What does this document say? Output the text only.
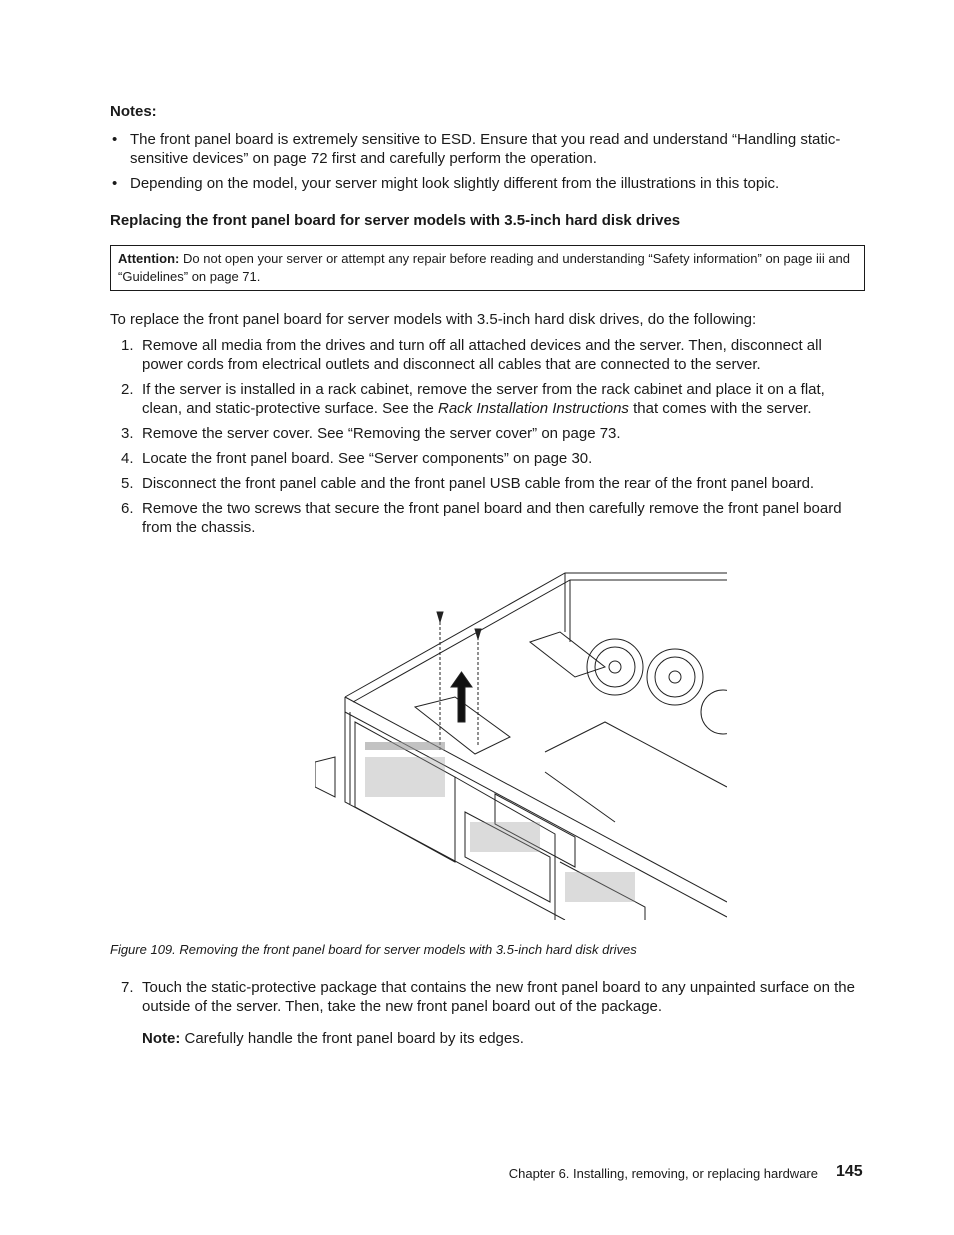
Notes:
• The front panel board is extremely sensitive to ESD. Ensure that you read and understand “Handling static-sensitive devices” on page 72 first and carefully perform the operation.
• Depending on the model, your server might look slightly different from the illustrations in this topic.
Replacing the front panel board for server models with 3.5-inch hard disk drives
Attention: Do not open your server or attempt any repair before reading and understanding “Safety information” on page iii and “Guidelines” on page 71.
To replace the front panel board for server models with 3.5-inch hard disk drives, do the following:
1. Remove all media from the drives and turn off all attached devices and the server. Then, disconnect all power cords from electrical outlets and disconnect all cables that are connected to the server.
2. If the server is installed in a rack cabinet, remove the server from the rack cabinet and place it on a flat, clean, and static-protective surface. See the Rack Installation Instructions that comes with the server.
3. Remove the server cover. See “Removing the server cover” on page 73.
4. Locate the front panel board. See “Server components” on page 30.
5. Disconnect the front panel cable and the front panel USB cable from the rear of the front panel board.
6. Remove the two screws that secure the front panel board and then carefully remove the front panel board from the chassis.
Figure 109. Removing the front panel board for server models with 3.5-inch hard disk drives
7. Touch the static-protective package that contains the new front panel board to any unpainted surface on the outside of the server. Then, take the new front panel board out of the package.
Note: Carefully handle the front panel board by its edges.
Chapter 6. Installing, removing, or replacing hardware 145
